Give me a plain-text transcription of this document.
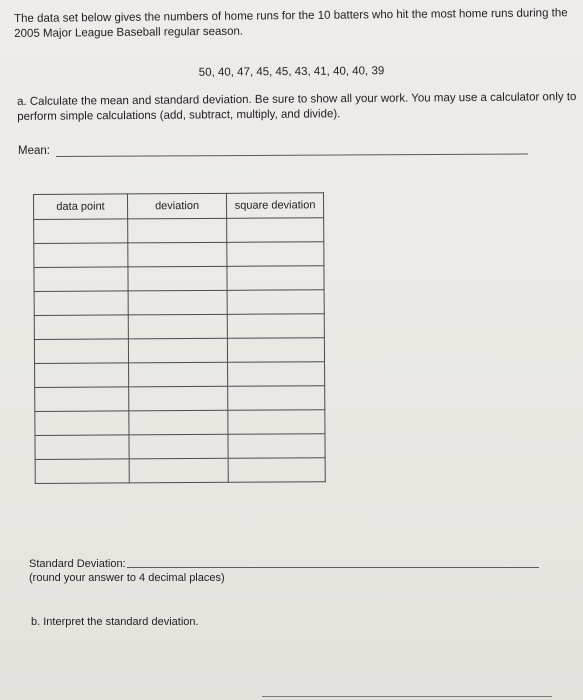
The data set below gives the numbers of home runs for the 10 batters who hit the most home runs during the 2005 Major League Baseball regular season.
50, 40, 47, 45, 45, 43, 41, 40, 40, 39
a. Calculate the mean and standard deviation. Be sure to show all your work. You may use a calculator only to perform simple calculations (add, subtract, multiply, and divide).
Mean:
data point	deviation	square deviation

Standard Deviation:
(round your answer to 4 decimal places)
b. Interpret the standard deviation.
